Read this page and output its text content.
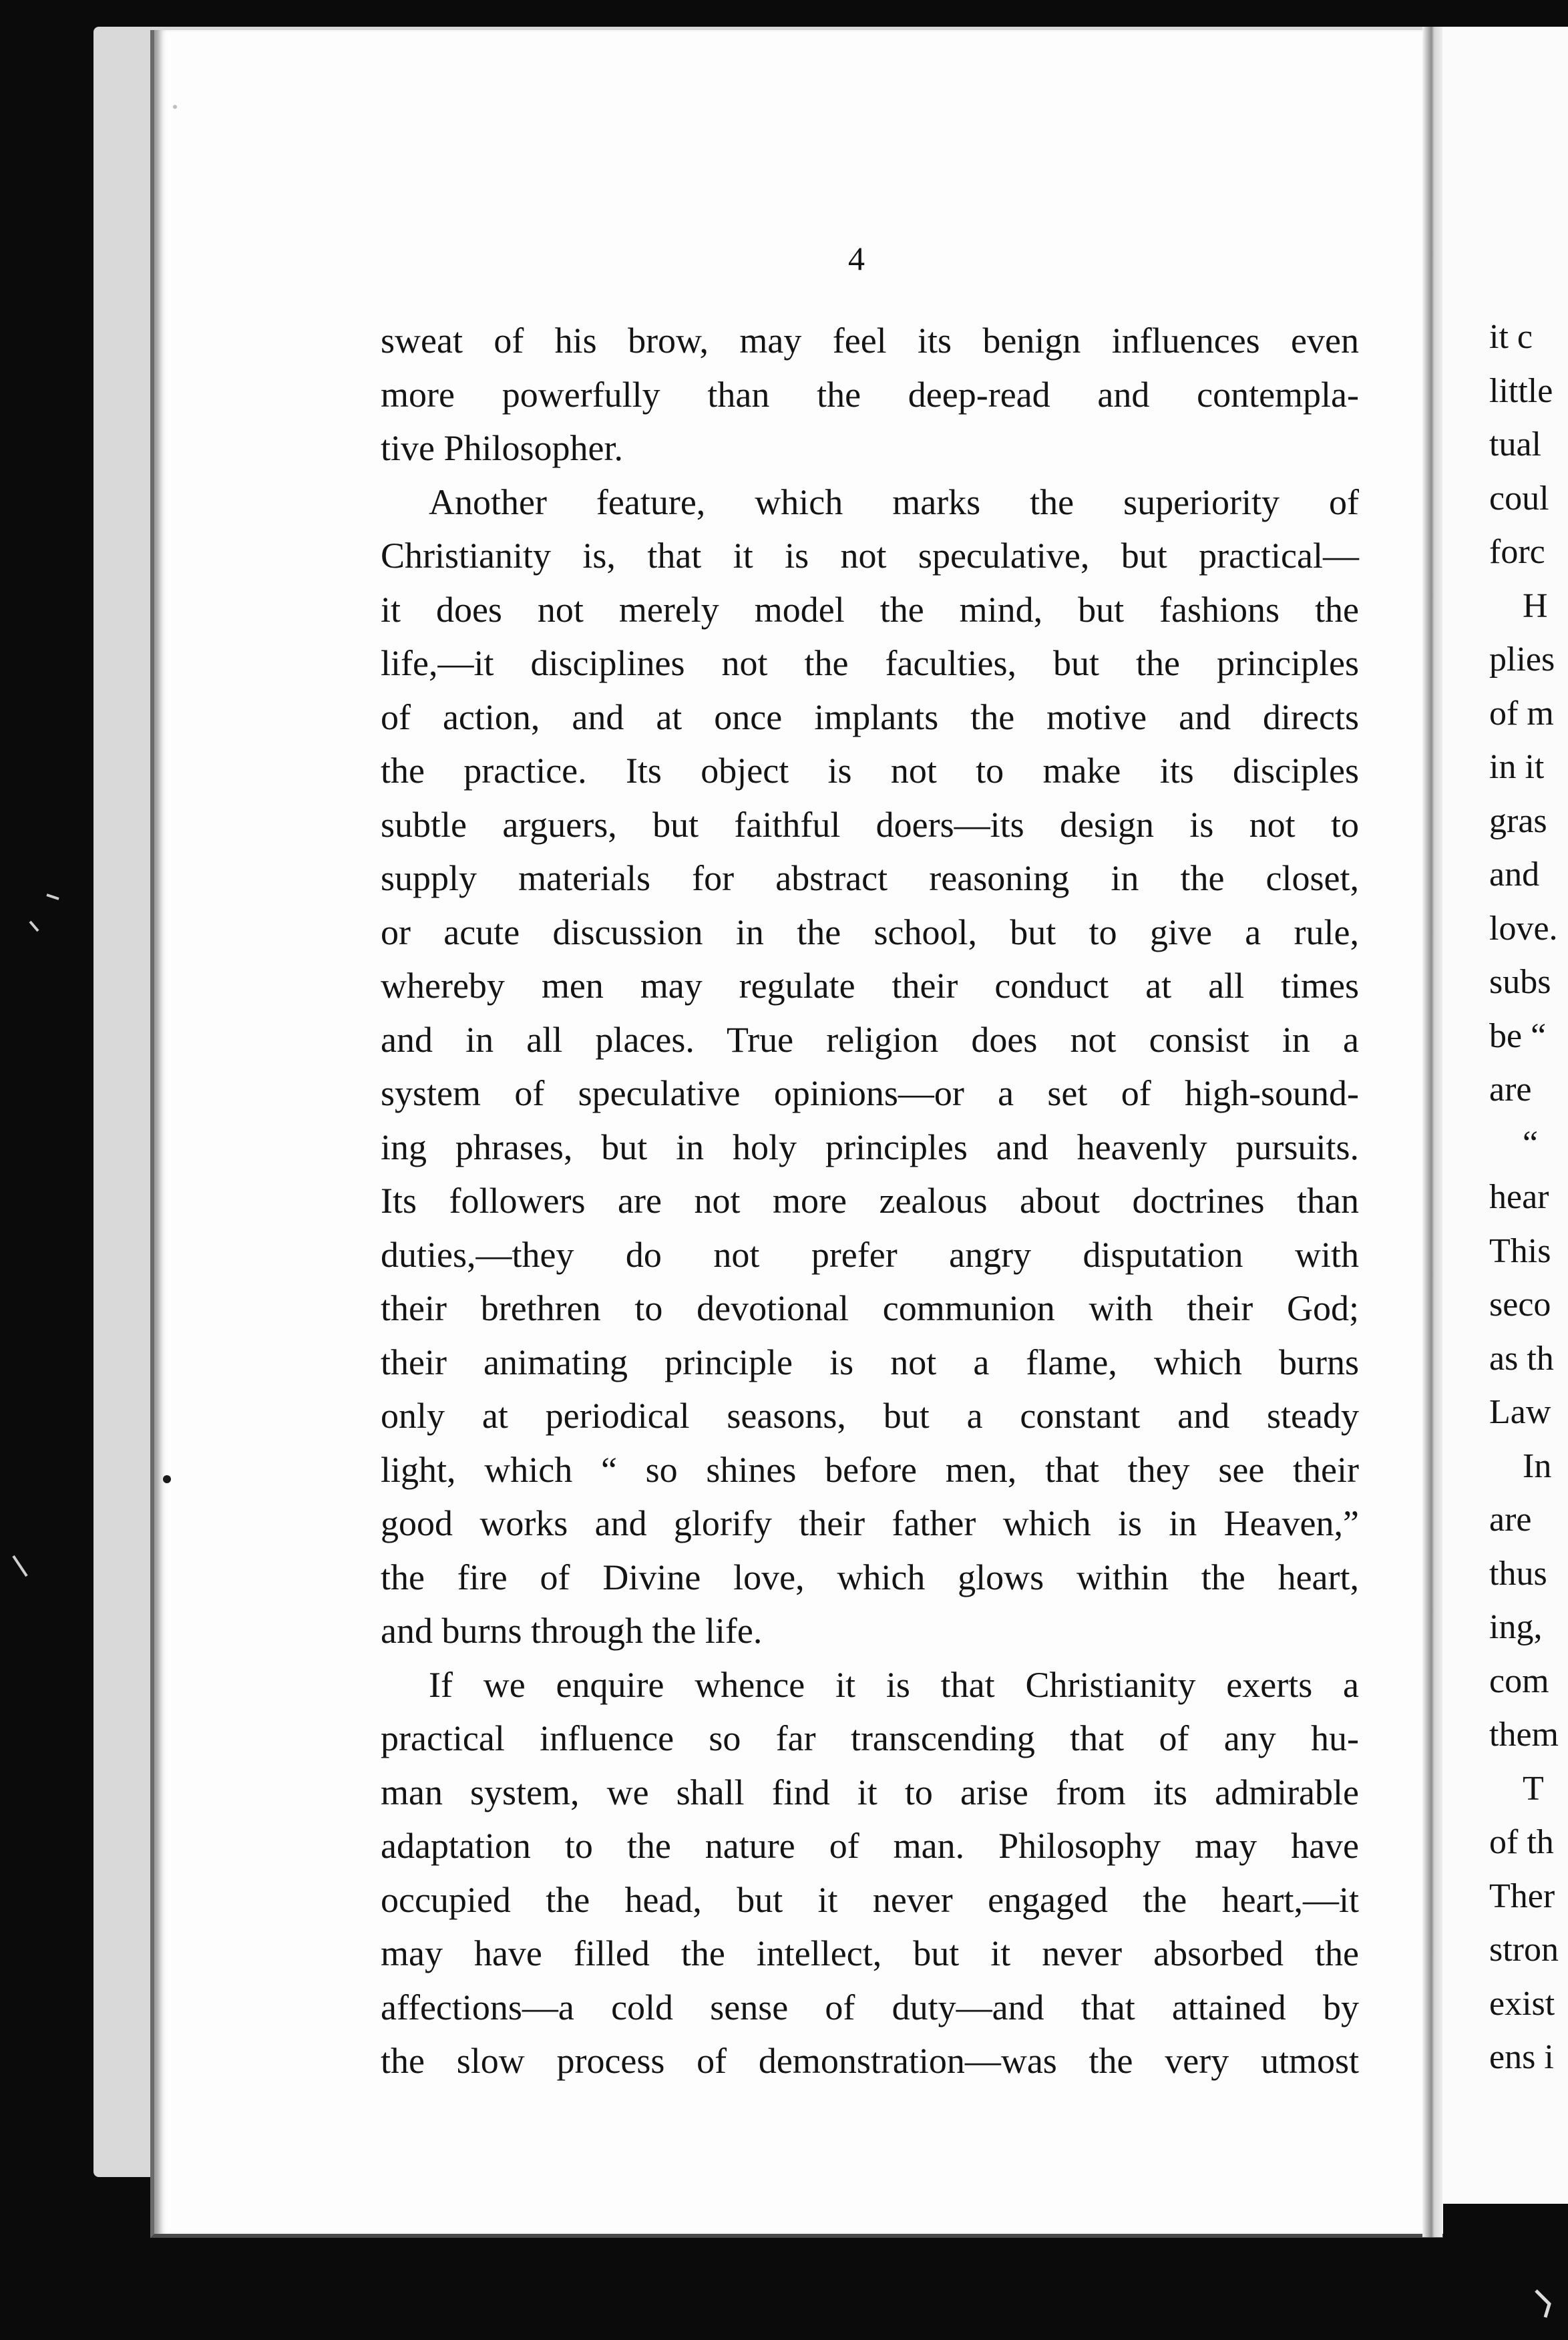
it c
little
tual
coul
forc
H
plies
of m
in it
gras
and
love.
subs
be “
are
“
hear
This
seco
as th
Law
In
are
thus
ing,
com
them
T
of th
Ther
stron
exist
ens i
4
sweat of his brow, may feel its benign influences even
more powerfully than the deep-read and contempla-
tive Philosopher.
Another feature, which marks the superiority of
Christianity is, that it is not speculative, but practical—
it does not merely model the mind, but fashions the
life,—it disciplines not the faculties, but the principles
of action, and at once implants the motive and directs
the practice. Its object is not to make its disciples
subtle arguers, but faithful doers—its design is not to
supply materials for abstract reasoning in the closet,
or acute discussion in the school, but to give a rule,
whereby men may regulate their conduct at all times
and in all places. True religion does not consist in a
system of speculative opinions—or a set of high-sound-
ing phrases, but in holy principles and heavenly pursuits.
Its followers are not more zealous about doctrines than
duties,—they do not prefer angry disputation with
their brethren to devotional communion with their God;
their animating principle is not a flame, which burns
only at periodical seasons, but a constant and steady
light, which “ so shines before men, that they see their
good works and glorify their father which is in Heaven,”
the fire of Divine love, which glows within the heart,
and burns through the life.
If we enquire whence it is that Christianity exerts a
practical influence so far transcending that of any hu-
man system, we shall find it to arise from its admirable
adaptation to the nature of man. Philosophy may have
occupied the head, but it never engaged the heart,—it
may have filled the intellect, but it never absorbed the
affections—a cold sense of duty—and that attained by
the slow process of demonstration—was the very utmost
